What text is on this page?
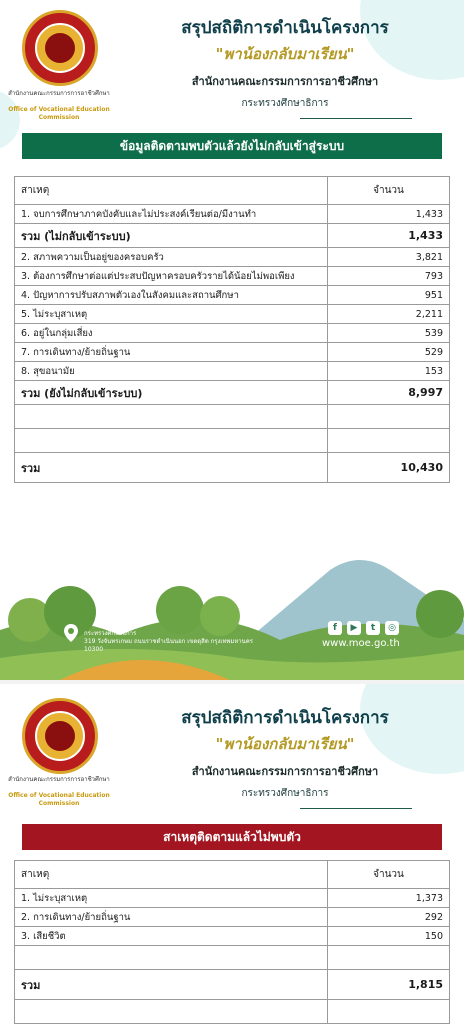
สำนักงานคณะกรรมการการอาชีวศึกษา
Office of Vocational Education Commission
สรุปสถิติการดำเนินโครงการ
"พาน้องกลับมาเรียน"
สำนักงานคณะกรรมการการอาชีวศึกษา
กระทรวงศึกษาธิการ
ข้อมูลติดตามพบตัวแล้วยังไม่กลับเข้าสู่ระบบ
สาเหตุ	จำนวน
1. จบการศึกษาภาคบังคับและไม่ประสงค์เรียนต่อ/มีงานทำ	1,433
รวม (ไม่กลับเข้าระบบ)	1,433
2. สภาพความเป็นอยู่ของครอบครัว	3,821
3. ต้องการศึกษาต่อแต่ประสบปัญหาครอบครัวรายได้น้อยไม่พอเพียง	793
4. ปัญหาการปรับสภาพตัวเองในสังคมและสถานศึกษา	951
5. ไม่ระบุสาเหตุ	2,211
6. อยู่ในกลุ่มเสี่ยง	539
7. การเดินทาง/ย้ายถิ่นฐาน	529
8. สุขอนามัย	153
รวม (ยังไม่กลับเข้าระบบ)	8,997

รวม	10,430
กระทรวงศึกษาธิการ
319 วังจันทรเกษม ถนนราชดำเนินนอก เขตดุสิต กรุงเทพมหานคร 10300
f	▶	t	◎
www.moe.go.th
สำนักงานคณะกรรมการการอาชีวศึกษา
Office of Vocational Education Commission
สรุปสถิติการดำเนินโครงการ
"พาน้องกลับมาเรียน"
สำนักงานคณะกรรมการการอาชีวศึกษา
กระทรวงศึกษาธิการ
สาเหตุติดตามแล้วไม่พบตัว
สาเหตุ	จำนวน
1. ไม่ระบุสาเหตุ	1,373
2. การเดินทาง/ย้ายถิ่นฐาน	292
3. เสียชีวิต	150

รวม	1,815
